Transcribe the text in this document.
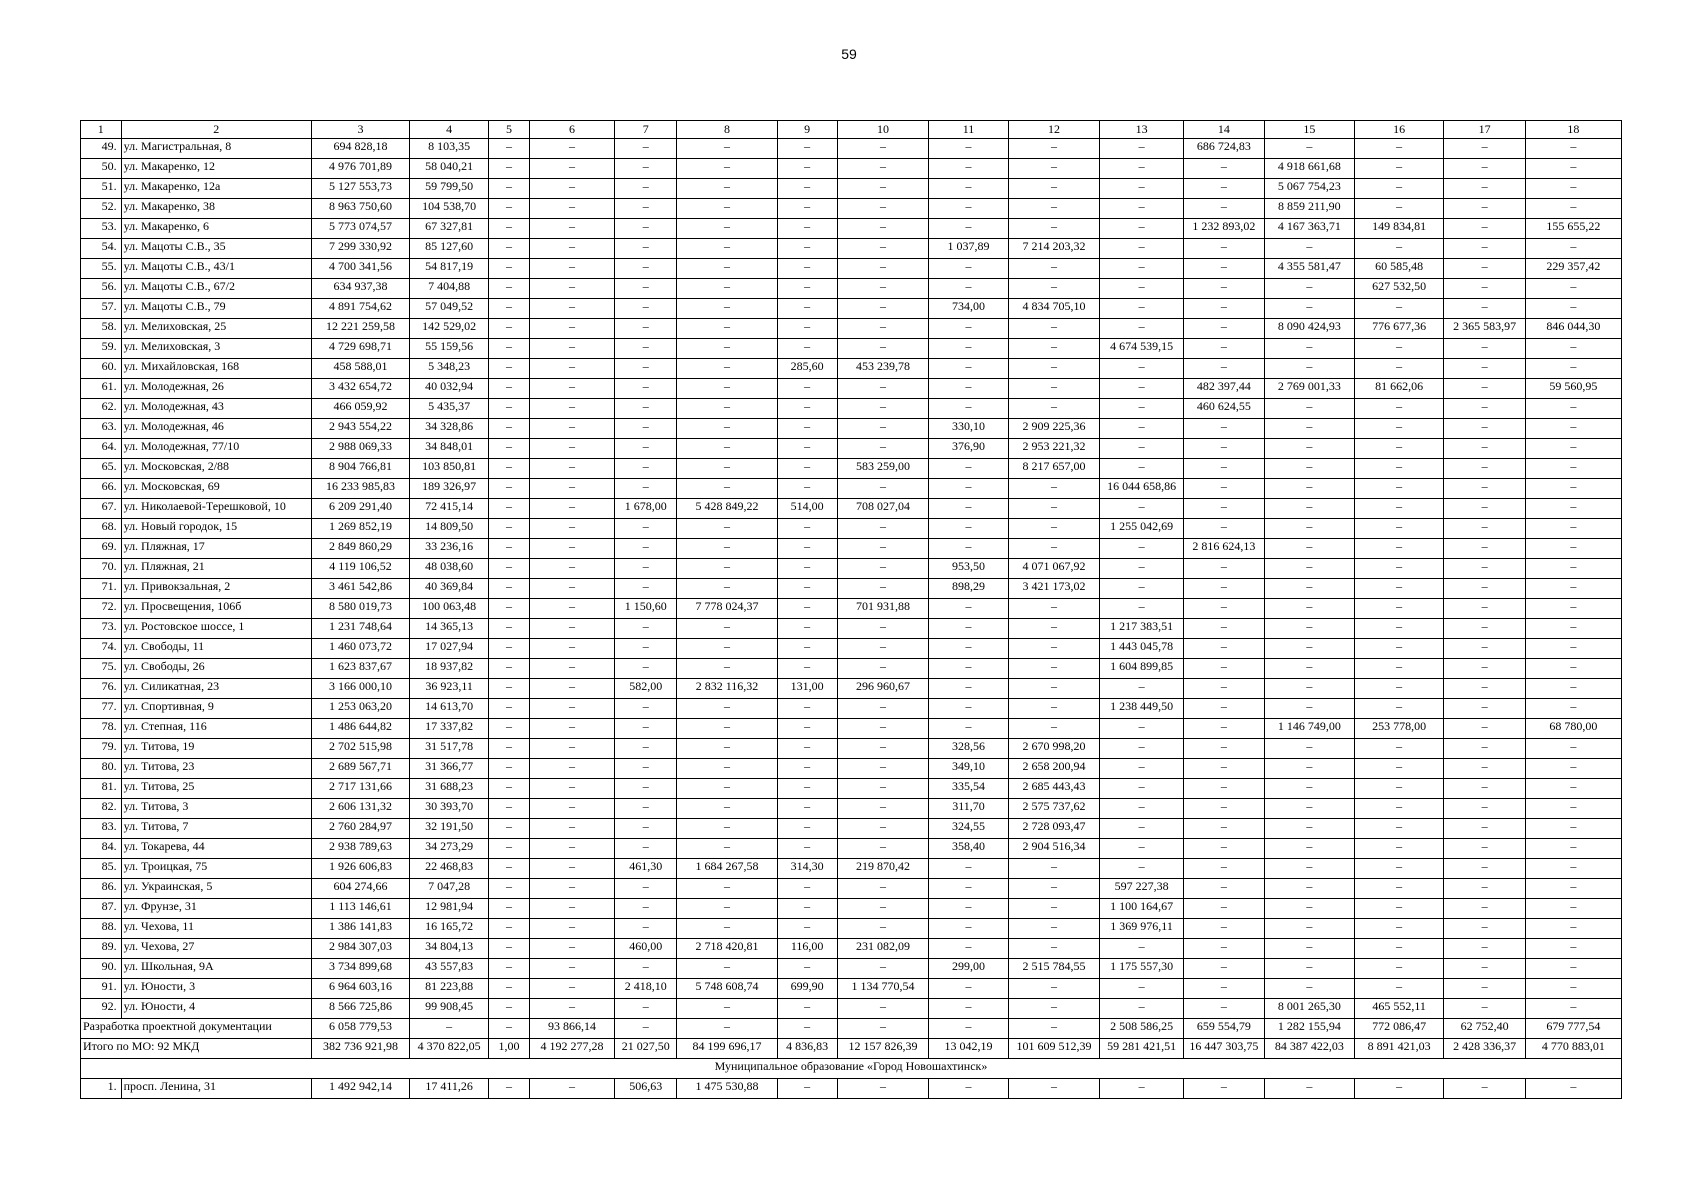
59
1	2	3	4	5	6	7	8	9	10	11	12	13	14	15	16	17	18
49.	ул. Магистральная, 8	694 828,18	8 103,35	–	–	–	–	–	–	–	–	–	686 724,83	–	–	–	–
50.	ул. Макаренко, 12	4 976 701,89	58 040,21	–	–	–	–	–	–	–	–	–	–	4 918 661,68	–	–	–
51.	ул. Макаренко, 12а	5 127 553,73	59 799,50	–	–	–	–	–	–	–	–	–	–	5 067 754,23	–	–	–
52.	ул. Макаренко, 38	8 963 750,60	104 538,70	–	–	–	–	–	–	–	–	–	–	8 859 211,90	–	–	–
53.	ул. Макаренко, 6	5 773 074,57	67 327,81	–	–	–	–	–	–	–	–	–	1 232 893,02	4 167 363,71	149 834,81	–	155 655,22
54.	ул. Мацоты С.В., 35	7 299 330,92	85 127,60	–	–	–	–	–	–	1 037,89	7 214 203,32	–	–	–	–	–	–
55.	ул. Мацоты С.В., 43/1	4 700 341,56	54 817,19	–	–	–	–	–	–	–	–	–	–	4 355 581,47	60 585,48	–	229 357,42
56.	ул. Мацоты С.В., 67/2	634 937,38	7 404,88	–	–	–	–	–	–	–	–	–	–	–	627 532,50	–	–
57.	ул. Мацоты С.В., 79	4 891 754,62	57 049,52	–	–	–	–	–	–	734,00	4 834 705,10	–	–	–	–	–	–
58.	ул. Мелиховская, 25	12 221 259,58	142 529,02	–	–	–	–	–	–	–	–	–	–	8 090 424,93	776 677,36	2 365 583,97	846 044,30
59.	ул. Мелиховская, 3	4 729 698,71	55 159,56	–	–	–	–	–	–	–	–	4 674 539,15	–	–	–	–	–
60.	ул. Михайловская, 168	458 588,01	5 348,23	–	–	–	–	285,60	453 239,78	–	–	–	–	–	–	–	–
61.	ул. Молодежная, 26	3 432 654,72	40 032,94	–	–	–	–	–	–	–	–	–	482 397,44	2 769 001,33	81 662,06	–	59 560,95
62.	ул. Молодежная, 43	466 059,92	5 435,37	–	–	–	–	–	–	–	–	–	460 624,55	–	–	–	–
63.	ул. Молодежная, 46	2 943 554,22	34 328,86	–	–	–	–	–	–	330,10	2 909 225,36	–	–	–	–	–	–
64.	ул. Молодежная, 77/10	2 988 069,33	34 848,01	–	–	–	–	–	–	376,90	2 953 221,32	–	–	–	–	–	–
65.	ул. Московская, 2/88	8 904 766,81	103 850,81	–	–	–	–	–	583 259,00	–	8 217 657,00	–	–	–	–	–	–
66.	ул. Московская, 69	16 233 985,83	189 326,97	–	–	–	–	–	–	–	–	16 044 658,86	–	–	–	–	–
67.	ул. Николаевой-Терешковой, 10	6 209 291,40	72 415,14	–	–	1 678,00	5 428 849,22	514,00	708 027,04	–	–	–	–	–	–	–	–
68.	ул. Новый городок, 15	1 269 852,19	14 809,50	–	–	–	–	–	–	–	–	1 255 042,69	–	–	–	–	–
69.	ул. Пляжная, 17	2 849 860,29	33 236,16	–	–	–	–	–	–	–	–	–	2 816 624,13	–	–	–	–
70.	ул. Пляжная, 21	4 119 106,52	48 038,60	–	–	–	–	–	–	953,50	4 071 067,92	–	–	–	–	–	–
71.	ул. Привокзальная, 2	3 461 542,86	40 369,84	–	–	–	–	–	–	898,29	3 421 173,02	–	–	–	–	–	–
72.	ул. Просвещения, 106б	8 580 019,73	100 063,48	–	–	1 150,60	7 778 024,37	–	701 931,88	–	–	–	–	–	–	–	–
73.	ул. Ростовское шоссе, 1	1 231 748,64	14 365,13	–	–	–	–	–	–	–	–	1 217 383,51	–	–	–	–	–
74.	ул. Свободы, 11	1 460 073,72	17 027,94	–	–	–	–	–	–	–	–	1 443 045,78	–	–	–	–	–
75.	ул. Свободы, 26	1 623 837,67	18 937,82	–	–	–	–	–	–	–	–	1 604 899,85	–	–	–	–	–
76.	ул. Силикатная, 23	3 166 000,10	36 923,11	–	–	582,00	2 832 116,32	131,00	296 960,67	–	–	–	–	–	–	–	–
77.	ул. Спортивная, 9	1 253 063,20	14 613,70	–	–	–	–	–	–	–	–	1 238 449,50	–	–	–	–	–
78.	ул. Степная, 116	1 486 644,82	17 337,82	–	–	–	–	–	–	–	–	–	–	1 146 749,00	253 778,00	–	68 780,00
79.	ул. Титова, 19	2 702 515,98	31 517,78	–	–	–	–	–	–	328,56	2 670 998,20	–	–	–	–	–	–
80.	ул. Титова, 23	2 689 567,71	31 366,77	–	–	–	–	–	–	349,10	2 658 200,94	–	–	–	–	–	–
81.	ул. Титова, 25	2 717 131,66	31 688,23	–	–	–	–	–	–	335,54	2 685 443,43	–	–	–	–	–	–
82.	ул. Титова, 3	2 606 131,32	30 393,70	–	–	–	–	–	–	311,70	2 575 737,62	–	–	–	–	–	–
83.	ул. Титова, 7	2 760 284,97	32 191,50	–	–	–	–	–	–	324,55	2 728 093,47	–	–	–	–	–	–
84.	ул. Токарева, 44	2 938 789,63	34 273,29	–	–	–	–	–	–	358,40	2 904 516,34	–	–	–	–	–	–
85.	ул. Троицкая, 75	1 926 606,83	22 468,83	–	–	461,30	1 684 267,58	314,30	219 870,42	–	–	–	–	–	–	–	–
86.	ул. Украинская, 5	604 274,66	7 047,28	–	–	–	–	–	–	–	–	597 227,38	–	–	–	–	–
87.	ул. Фрунзе, 31	1 113 146,61	12 981,94	–	–	–	–	–	–	–	–	1 100 164,67	–	–	–	–	–
88.	ул. Чехова, 11	1 386 141,83	16 165,72	–	–	–	–	–	–	–	–	1 369 976,11	–	–	–	–	–
89.	ул. Чехова, 27	2 984 307,03	34 804,13	–	–	460,00	2 718 420,81	116,00	231 082,09	–	–	–	–	–	–	–	–
90.	ул. Школьная, 9А	3 734 899,68	43 557,83	–	–	–	–	–	–	299,00	2 515 784,55	1 175 557,30	–	–	–	–	–
91.	ул. Юности, 3	6 964 603,16	81 223,88	–	–	2 418,10	5 748 608,74	699,90	1 134 770,54	–	–	–	–	–	–	–	–
92.	ул. Юности, 4	8 566 725,86	99 908,45	–	–	–	–	–	–	–	–	–	–	8 001 265,30	465 552,11	–	–
Разработка проектной документации		6 058 779,53	–	–	93 866,14	–	–	–	–	–	–	2 508 586,25	659 554,79	1 282 155,94	772 086,47	62 752,40	679 777,54
Итого по МО: 92 МКД		382 736 921,98	4 370 822,05	1,00	4 192 277,28	21 027,50	84 199 696,17	4 836,83	12 157 826,39	13 042,19	101 609 512,39	59 281 421,51	16 447 303,75	84 387 422,03	8 891 421,03	2 428 336,37	4 770 883,01
Муниципальное образование «Город Новошахтинск»																	
1.	просп. Ленина, 31	1 492 942,14	17 411,26	–	–	506,63	1 475 530,88	–	–	–	–	–	–	–	–	–	–
